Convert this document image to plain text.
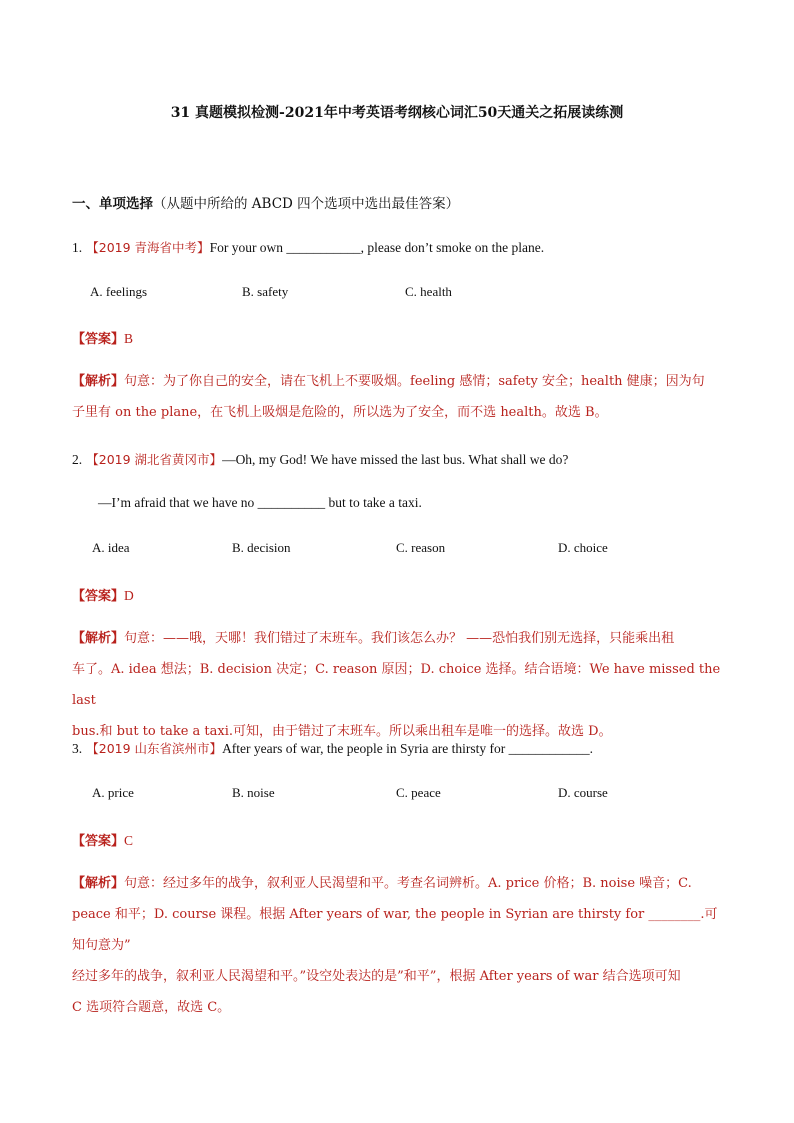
31 真题模拟检测-2021年中考英语考纲核心词汇50天通关之拓展读练测
一、单项选择（从题中所给的 ABCD 四个选项中选出最佳答案）
1. 【2019 青海省中考】For your own ___________, please don’t smoke on the plane.
A. feelings	B. safety	C. health
【答案】B
【解析】句意：为了你自己的安全，请在飞机上不要吸烟。feeling 感情；safety 安全；health 健康；因为句
子里有 on the plane，在飞机上吸烟是危险的，所以选为了安全，而不选 health。故选 B。
2. 【2019 湖北省黄冈市】—Oh, my God! We have missed the last bus. What shall we do?
—I’m afraid that we have no __________ but to take a taxi.
A. idea	B. decision	C. reason	D. choice
【答案】D
【解析】句意：——哦，天哪！我们错过了末班车。我们该怎么办？ ——恐怕我们别无选择，只能乘出租
车了。A. idea 想法；B. decision 决定；C. reason 原因；D. choice 选择。结合语境：We have missed the last
bus.和 but to take a taxi.可知，由于错过了末班车。所以乘出租车是唯一的选择。故选 D。
3. 【2019 山东省滨州市】After years of war, the people in Syria are thirsty for ____________.
A. price	B. noise	C. peace	D. course
【答案】C
【解析】句意：经过多年的战争，叙利亚人民渴望和平。考查名词辨析。A. price 价格；B. noise 噪音；C.
peace 和平；D. course 课程。根据 After years of war, the people in Syrian are thirsty for ________.可知句意为”
经过多年的战争，叙利亚人民渴望和平。”设空处表达的是”和平”，根据 After years of war 结合选项可知
C 选项符合题意，故选 C。
